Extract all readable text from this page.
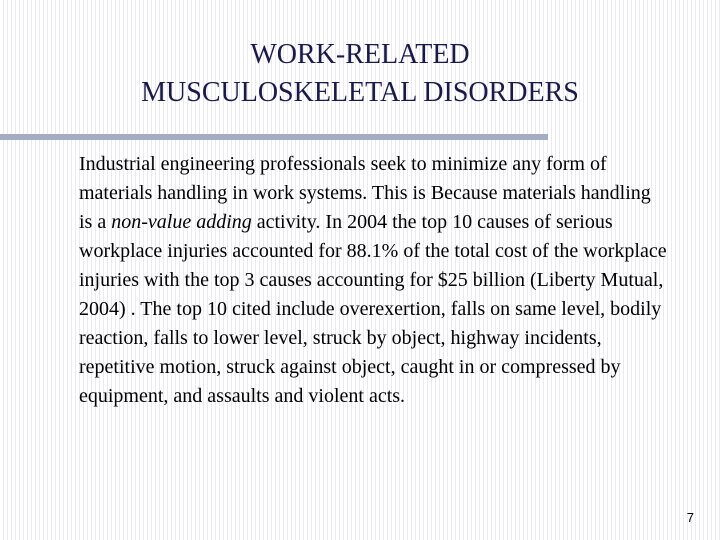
WORK-RELATED
MUSCULOSKELETAL DISORDERS

Industrial engineering professionals seek to minimize any form of materials handling in work systems. This is Because materials handling is a non-value adding activity. In 2004 the top 10 causes of serious workplace injuries accounted for 88.1% of the total cost of the workplace injuries with the top 3 causes accounting for $25 billion (Liberty Mutual, 2004) . The top 10 cited include overexertion, falls on same level, bodily reaction, falls to lower level, struck by object, highway incidents, repetitive motion, struck against object, caught in or compressed by equipment, and assaults and violent acts.

7
